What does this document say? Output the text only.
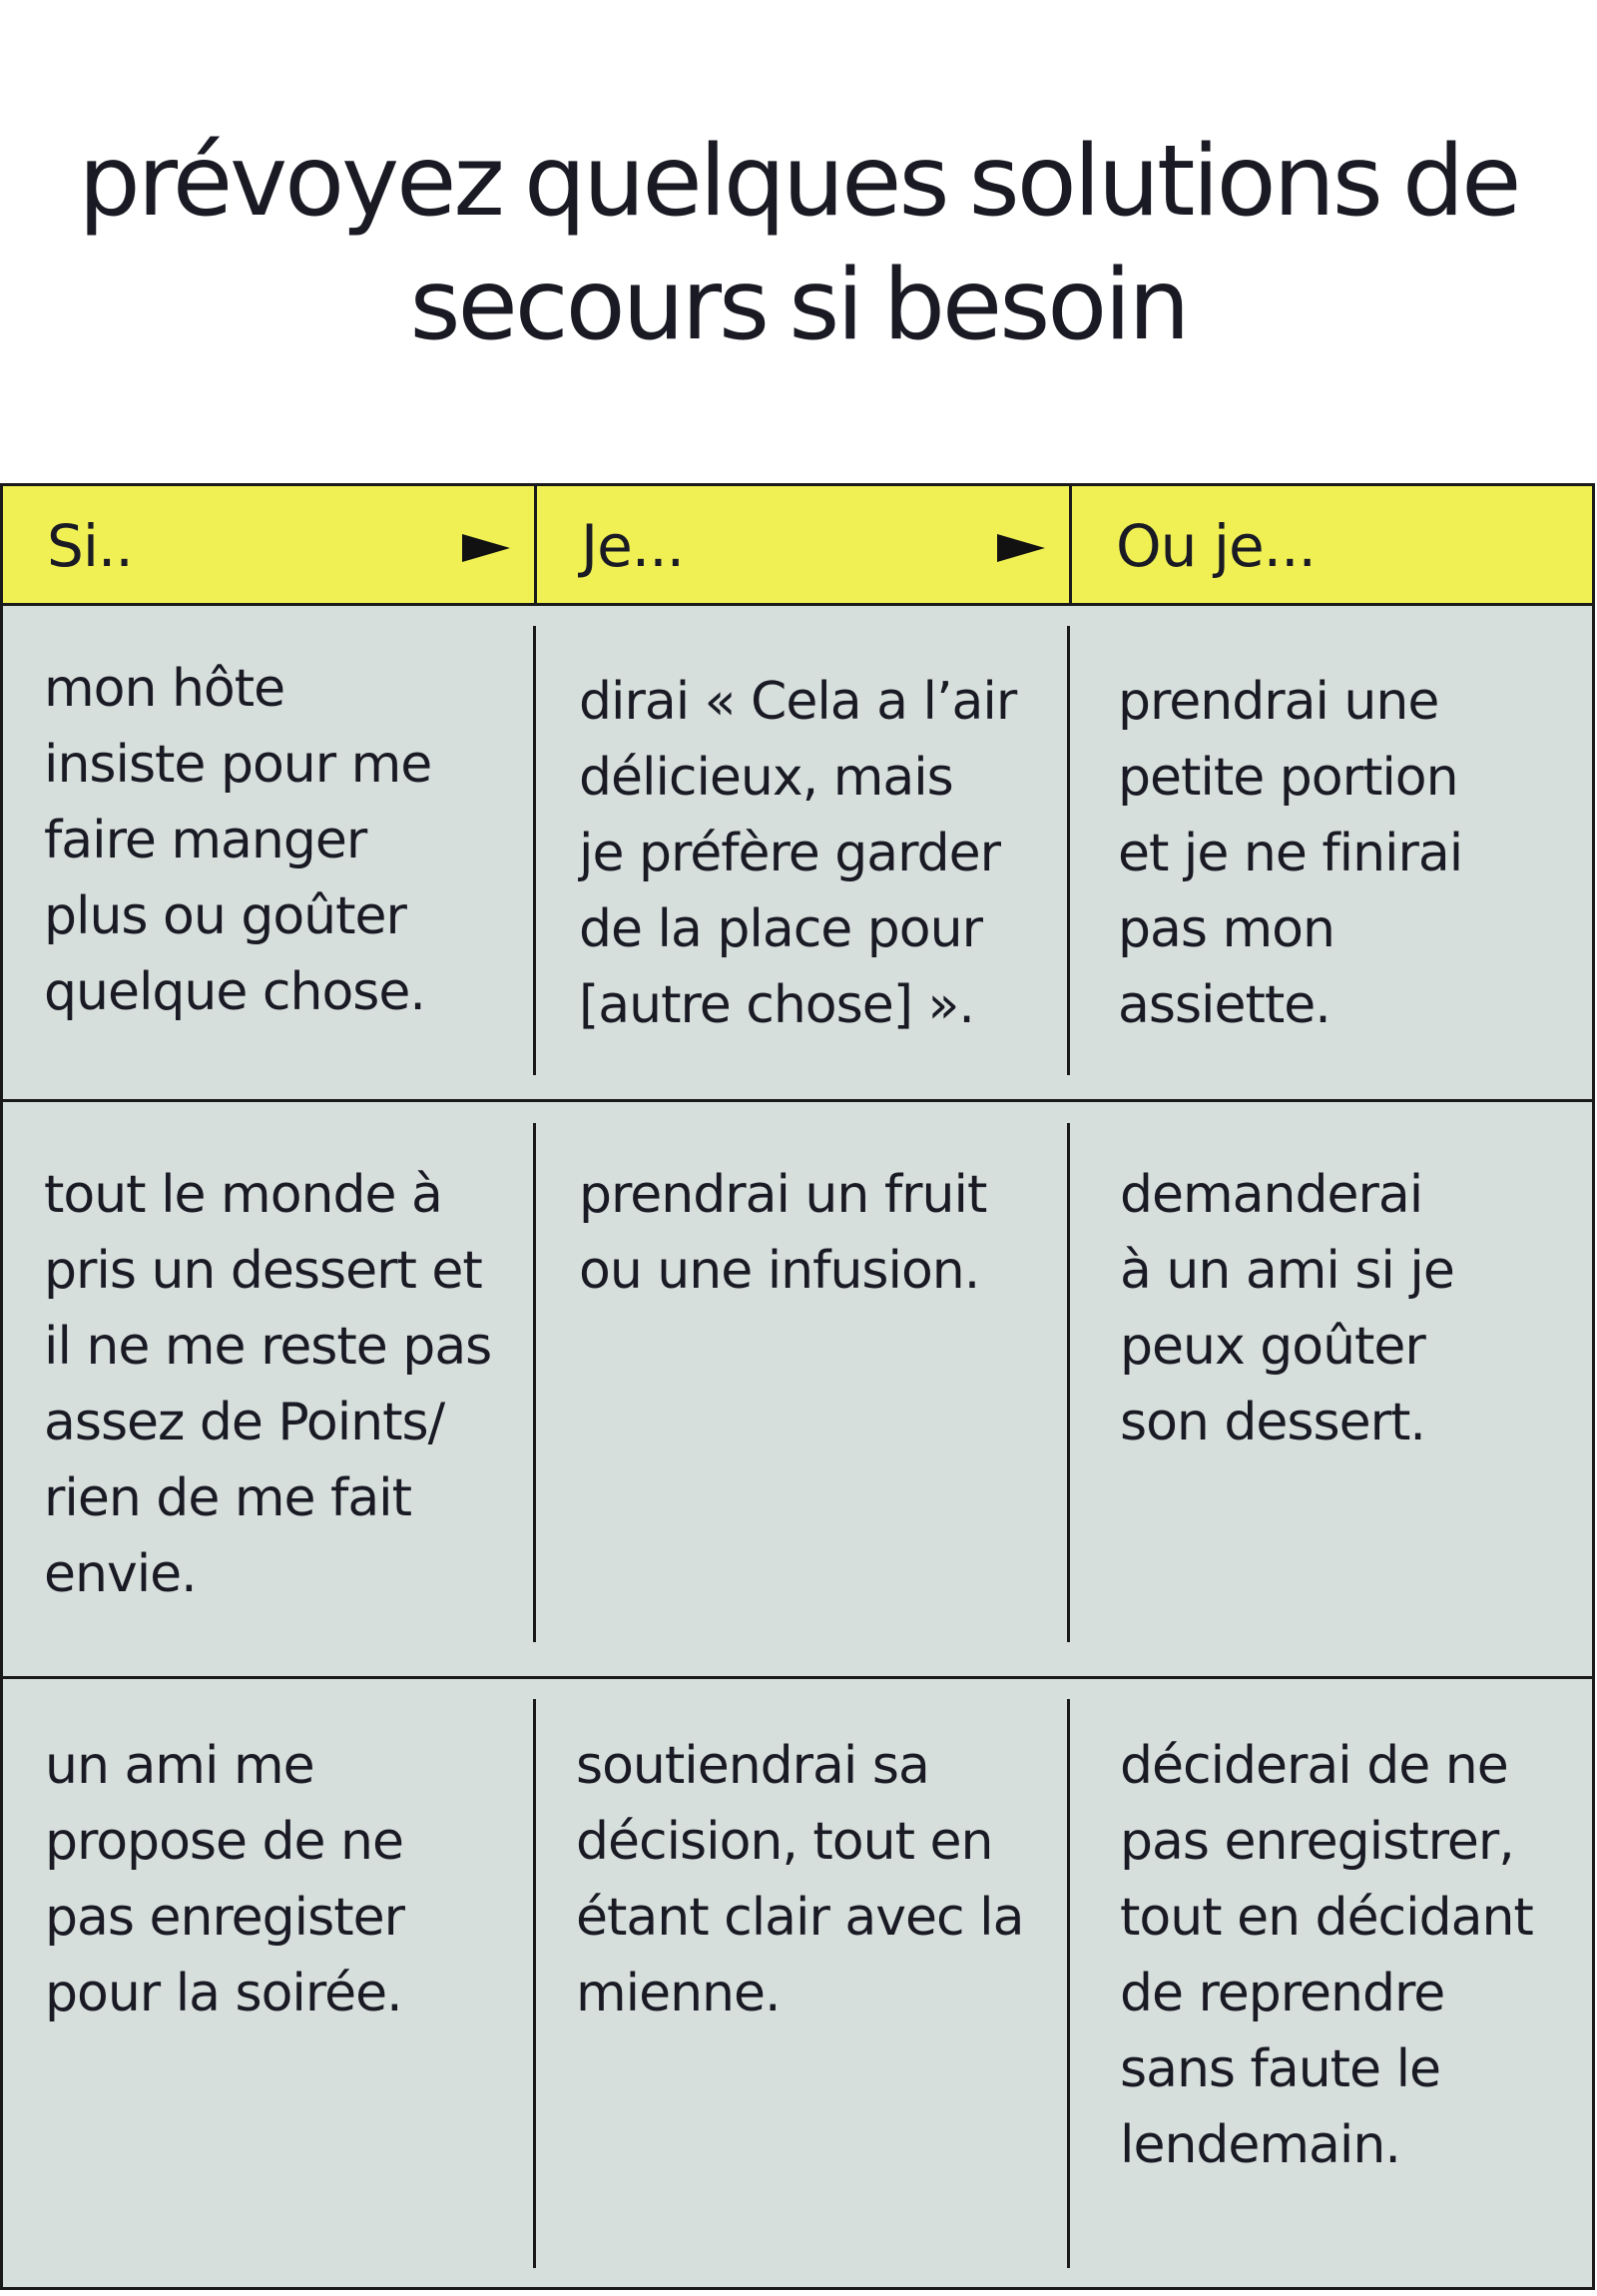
prévoyez quelques solutions de
secours si besoin
Si..	Je...	Ou je...
mon hôte
insiste pour me
faire manger
plus ou goûter
quelque chose.
dirai « Cela a l’air
délicieux, mais
je préfère garder
de la place pour
[autre chose] ».
prendrai une
petite portion
et je ne finirai
pas mon
assiette.
tout le monde à
pris un dessert et
il ne me reste pas
assez de Points/
rien de me fait
envie.
prendrai un fruit
ou une infusion.
demanderai
à un ami si je
peux goûter
son dessert.
un ami me
propose de ne
pas enregister
pour la soirée.
soutiendrai sa
décision, tout en
étant clair avec la
mienne.
déciderai de ne
pas enregistrer,
tout en décidant
de reprendre
sans faute le
lendemain.
